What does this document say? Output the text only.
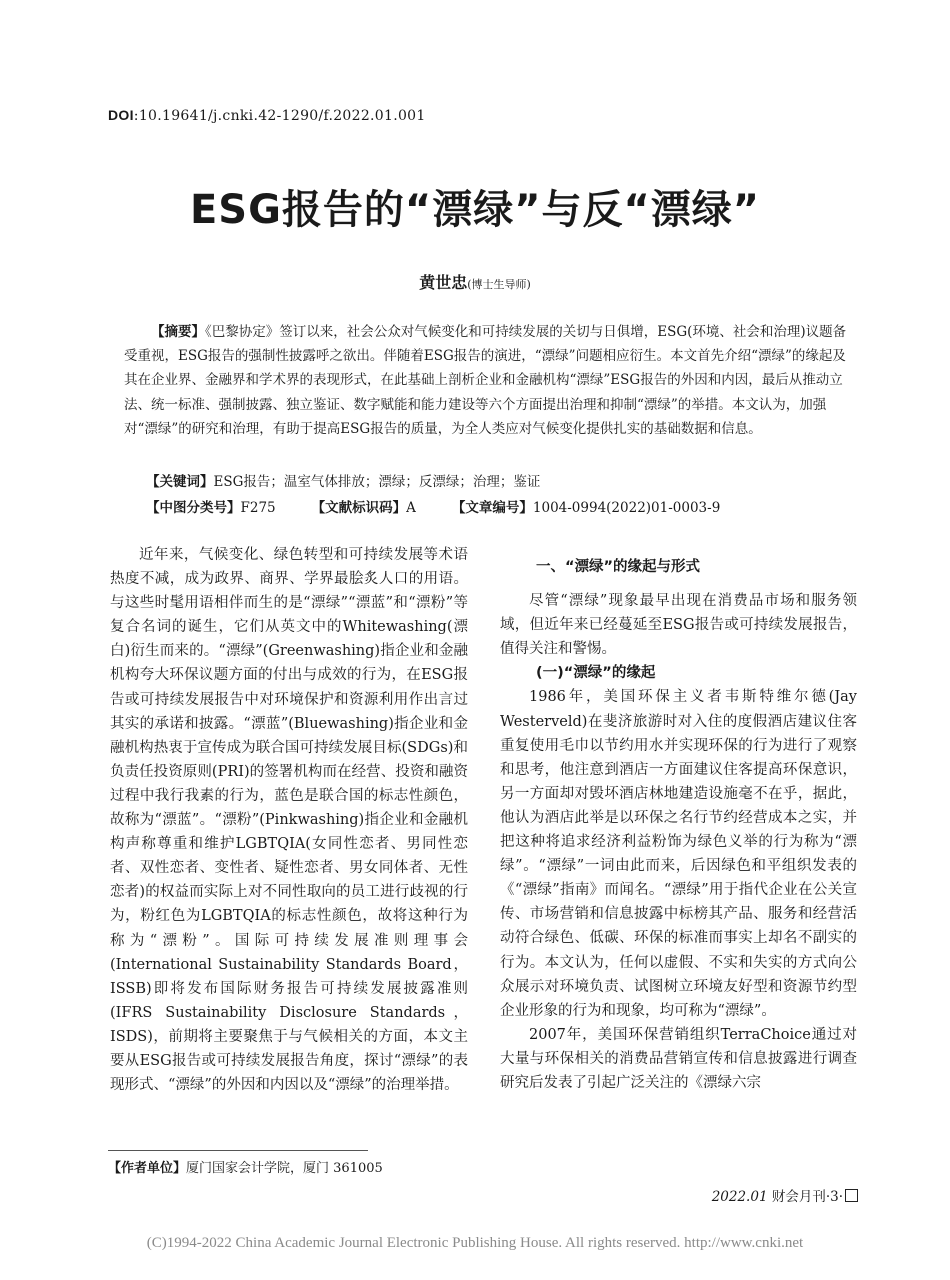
DOI:10.19641/j.cnki.42-1290/f.2022.01.001
ESG报告的“漂绿”与反“漂绿”
黄世忠(博士生导师)

【摘要】《巴黎协定》签订以来，社会公众对气候变化和可持续发展的关切与日俱增，ESG(环境、社会和治理)议题备受重视，ESG报告的强制性披露呼之欲出。伴随着ESG报告的演进，“漂绿”问题相应衍生。本文首先介绍“漂绿”的缘起及其在企业界、金融界和学术界的表现形式，在此基础上剖析企业和金融机构“漂绿”ESG报告的外因和内因，最后从推动立法、统一标准、强制披露、独立鉴证、数字赋能和能力建设等六个方面提出治理和抑制“漂绿”的举措。本文认为，加强对“漂绿”的研究和治理，有助于提高ESG报告的质量，为全人类应对气候变化提供扎实的基础数据和信息。

【关键词】ESG报告；温室气体排放；漂绿；反漂绿；治理；鉴证
【中图分类号】F275	【文献标识码】A	【文章编号】1004-0994(2022)01-0003-9

近年来，气候变化、绿色转型和可持续发展等术语热度不减，成为政界、商界、学界最脍炙人口的用语。与这些时髦用语相伴而生的是“漂绿”“漂蓝”和“漂粉”等复合名词的诞生，它们从英文中的Whitewashing(漂白)衍生而来的。“漂绿”(Greenwashing)指企业和金融机构夸大环保议题方面的付出与成效的行为，在ESG报告或可持续发展报告中对环境保护和资源利用作出言过其实的承诺和披露。“漂蓝”(Bluewashing)指企业和金融机构热衷于宣传成为联合国可持续发展目标(SDGs)和负责任投资原则(PRI)的签署机构而在经营、投资和融资过程中我行我素的行为，蓝色是联合国的标志性颜色，故称为“漂蓝”。“漂粉”(Pinkwashing)指企业和金融机构声称尊重和维护LGBTQIA(女同性恋者、男同性恋者、双性恋者、变性者、疑性恋者、男女同体者、无性恋者)的权益而实际上对不同性取向的员工进行歧视的行为，粉红色为LGBTQIA的标志性颜色，故将这种行为称为“漂粉”。国际可持续发展准则理事会(International Sustainability Standards Board，ISSB)即将发布国际财务报告可持续发展披露准则(IFRS Sustainability Disclosure Standards，ISDS)，前期将主要聚焦于与气候相关的方面，本文主要从ESG报告或可持续发展报告角度，探讨“漂绿”的表现形式、“漂绿”的外因和内因以及“漂绿”的治理举措。

一、“漂绿”的缘起与形式

尽管“漂绿”现象最早出现在消费品市场和服务领域，但近年来已经蔓延至ESG报告或可持续发展报告，值得关注和警惕。

(一)“漂绿”的缘起

1986年，美国环保主义者韦斯特维尔德(Jay Westerveld)在斐济旅游时对入住的度假酒店建议住客重复使用毛巾以节约用水并实现环保的行为进行了观察和思考，他注意到酒店一方面建议住客提高环保意识，另一方面却对毁坏酒店林地建造设施毫不在乎，据此，他认为酒店此举是以环保之名行节约经营成本之实，并把这种将追求经济利益粉饰为绿色义举的行为称为“漂绿”。“漂绿”一词由此而来，后因绿色和平组织发表的《“漂绿”指南》而闻名。“漂绿”用于指代企业在公关宣传、市场营销和信息披露中标榜其产品、服务和经营活动符合绿色、低碳、环保的标准而事实上却名不副实的行为。本文认为，任何以虚假、不实和失实的方式向公众展示对环境负责、试图树立环境友好型和资源节约型企业形象的行为和现象，均可称为“漂绿”。

2007年，美国环保营销组织TerraChoice通过对大量与环保相关的消费品营销宣传和信息披露进行调查研究后发表了引起广泛关注的《漂绿六宗

【作者单位】厦门国家会计学院，厦门 361005
2022.01 财会月刊·3·
(C)1994-2022 China Academic Journal Electronic Publishing House. All rights reserved. http://www.cnki.net
